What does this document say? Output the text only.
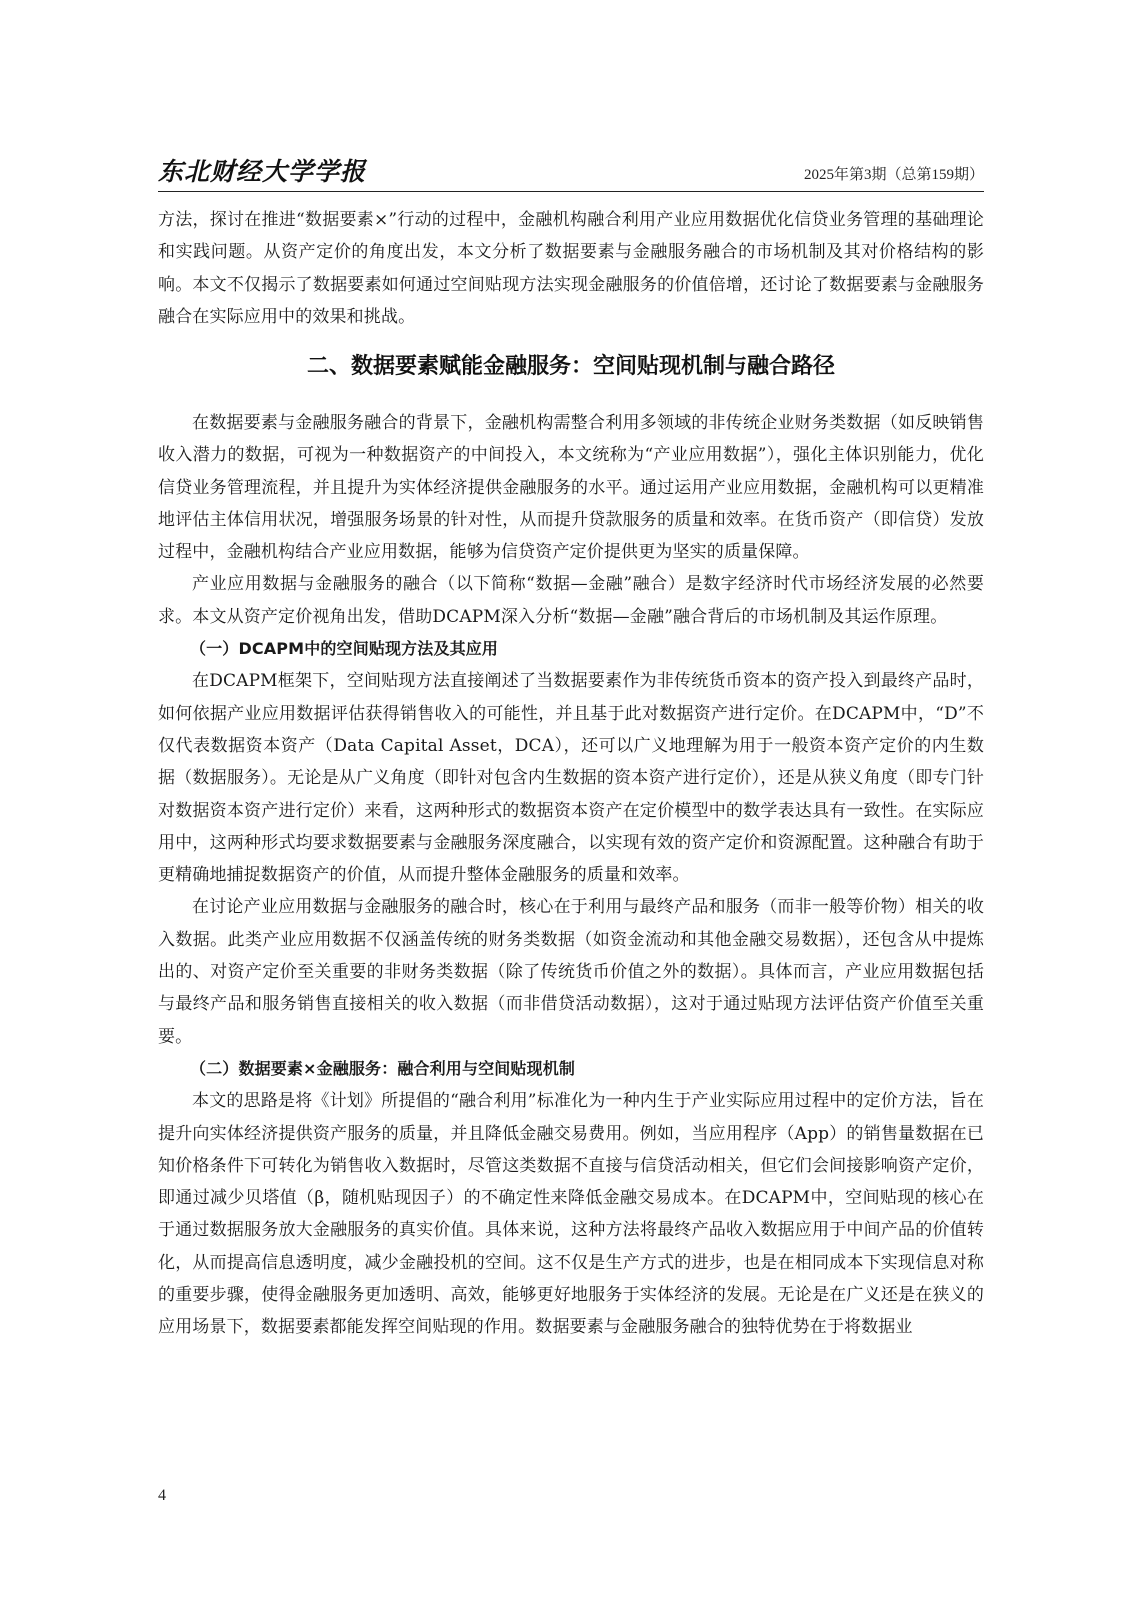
东北财经大学学报	2025年第3期（总第159期）

方法，探讨在推进“数据要素×”行动的过程中，金融机构融合利用产业应用数据优化信贷业务管理的基础理论和实践问题。从资产定价的角度出发，本文分析了数据要素与金融服务融合的市场机制及其对价格结构的影响。本文不仅揭示了数据要素如何通过空间贴现方法实现金融服务的价值倍增，还讨论了数据要素与金融服务融合在实际应用中的效果和挑战。

二、数据要素赋能金融服务：空间贴现机制与融合路径

在数据要素与金融服务融合的背景下，金融机构需整合利用多领域的非传统企业财务类数据（如反映销售收入潜力的数据，可视为一种数据资产的中间投入，本文统称为“产业应用数据”），强化主体识别能力，优化信贷业务管理流程，并且提升为实体经济提供金融服务的水平。通过运用产业应用数据，金融机构可以更精准地评估主体信用状况，增强服务场景的针对性，从而提升贷款服务的质量和效率。在货币资产（即信贷）发放过程中，金融机构结合产业应用数据，能够为信贷资产定价提供更为坚实的质量保障。

产业应用数据与金融服务的融合（以下简称“数据—金融”融合）是数字经济时代市场经济发展的必然要求。本文从资产定价视角出发，借助DCAPM深入分析“数据—金融”融合背后的市场机制及其运作原理。

（一）DCAPM中的空间贴现方法及其应用

在DCAPM框架下，空间贴现方法直接阐述了当数据要素作为非传统货币资本的资产投入到最终产品时，如何依据产业应用数据评估获得销售收入的可能性，并且基于此对数据资产进行定价。在DCAPM中，“D”不仅代表数据资本资产（Data Capital Asset，DCA），还可以广义地理解为用于一般资本资产定价的内生数据（数据服务）。无论是从广义角度（即针对包含内生数据的资本资产进行定价），还是从狭义角度（即专门针对数据资本资产进行定价）来看，这两种形式的数据资本资产在定价模型中的数学表达具有一致性。在实际应用中，这两种形式均要求数据要素与金融服务深度融合，以实现有效的资产定价和资源配置。这种融合有助于更精确地捕捉数据资产的价值，从而提升整体金融服务的质量和效率。

在讨论产业应用数据与金融服务的融合时，核心在于利用与最终产品和服务（而非一般等价物）相关的收入数据。此类产业应用数据不仅涵盖传统的财务类数据（如资金流动和其他金融交易数据），还包含从中提炼出的、对资产定价至关重要的非财务类数据（除了传统货币价值之外的数据）。具体而言，产业应用数据包括与最终产品和服务销售直接相关的收入数据（而非借贷活动数据），这对于通过贴现方法评估资产价值至关重要。

（二）数据要素×金融服务：融合利用与空间贴现机制

本文的思路是将《计划》所提倡的“融合利用”标准化为一种内生于产业实际应用过程中的定价方法，旨在提升向实体经济提供资产服务的质量，并且降低金融交易费用。例如，当应用程序（App）的销售量数据在已知价格条件下可转化为销售收入数据时，尽管这类数据不直接与信贷活动相关，但它们会间接影响资产定价，即通过减少贝塔值（β，随机贴现因子）的不确定性来降低金融交易成本。在DCAPM中，空间贴现的核心在于通过数据服务放大金融服务的真实价值。具体来说，这种方法将最终产品收入数据应用于中间产品的价值转化，从而提高信息透明度，减少金融投机的空间。这不仅是生产方式的进步，也是在相同成本下实现信息对称的重要步骤，使得金融服务更加透明、高效，能够更好地服务于实体经济的发展。无论是在广义还是在狭义的应用场景下，数据要素都能发挥空间贴现的作用。数据要素与金融服务融合的独特优势在于将数据业

4
